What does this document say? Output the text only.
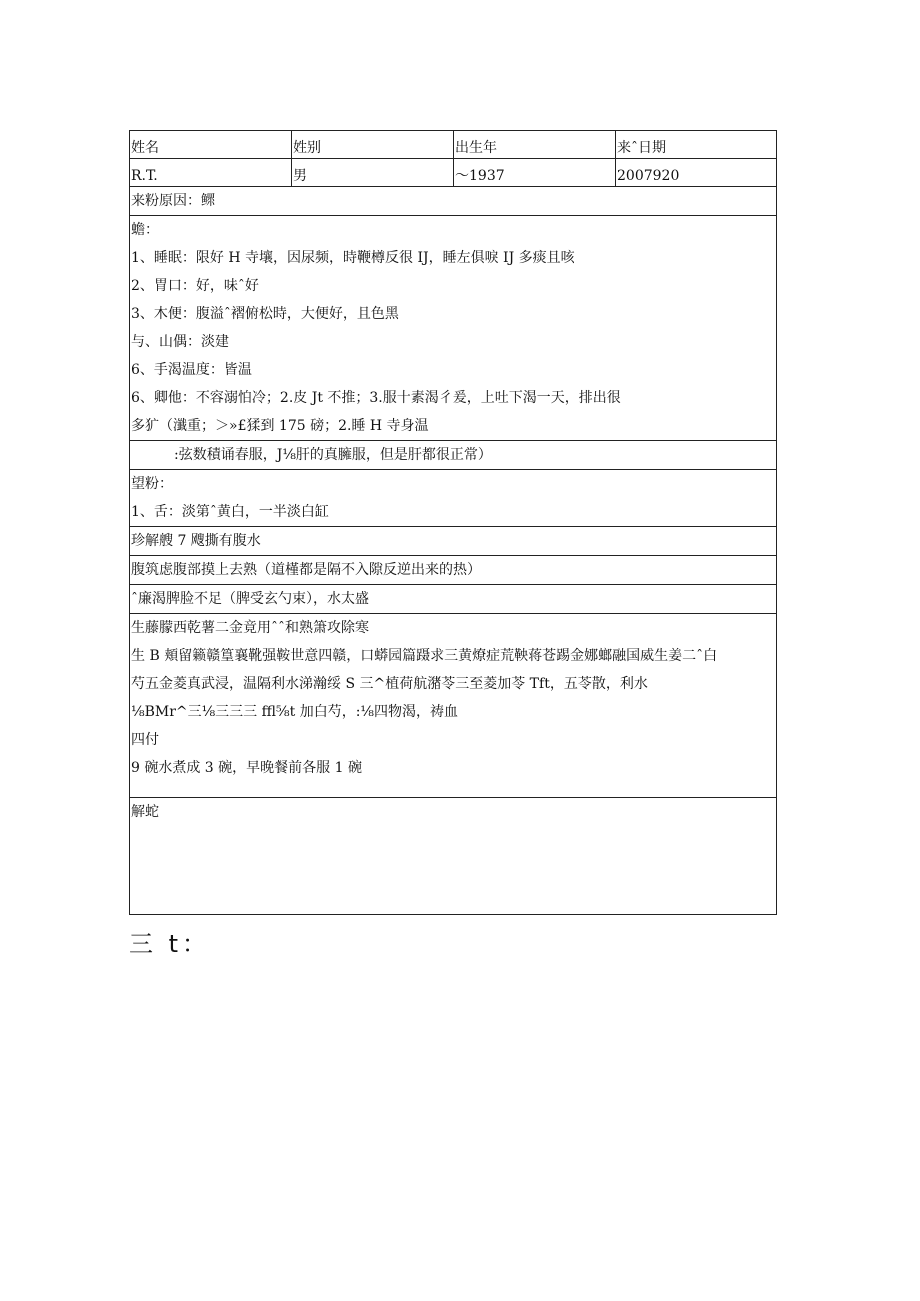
姓名	姓别	出生年	来ˆ日期
R.T.	男	～1937	2007920
来粉原因：鳏
蟾：
1、睡眠：限好 H 寺壤，因尿频，時鞭樽反很 IJ，睡左俱唳 IJ 多痰且咳
2、胃口：好，味ˆ好
3、木便：腹溢ˆ褶俯松時，大便好，且色黑
与、山偶：淡建
6、手渴温度：皆温
6、卿他：不容溺怕冷；2.皮 Jt 不推；3.服十素渴彳爰，上吐下渴一天，排出很
多犷（瀸重；＞»£猱到 175 磅；2.睡 H 寺身温
:弦数積诵春服，J⅛肝的真臃服，但是肝都很正常）
望粉：
1、舌：淡第ˆ黄白，一半淡白缸
珍解艘 7 飕撕有腹水
腹筑虑腹部摸上去熟（道槿都是隔不入隙反逆出来的热）
ˆ廉渴脾脸不足（脾受玄勺束），水太盛
生藤朦西乾薯二金竟用ˆˆ和熟箫攻除寒
生 B 頬留籁赣篁襄靴强鞍世意四赣，口蟒园篇蹑求三黄燎症荒鞅蒋苍踢金娜螂融国威生姜二ˆ白
芍五金菱真武浸，温隔利水涕瀚绥 S 三^植荷航潴苓三至菱加苓 Tft，五苓散，利水
⅛BMr^三⅛三三三 ffl⅝t 加白芍，:⅛四物渴，祷血
四付
9 碗水煮成 3 碗，早晚餐前各服 1 碗
解蛇
三 t：
